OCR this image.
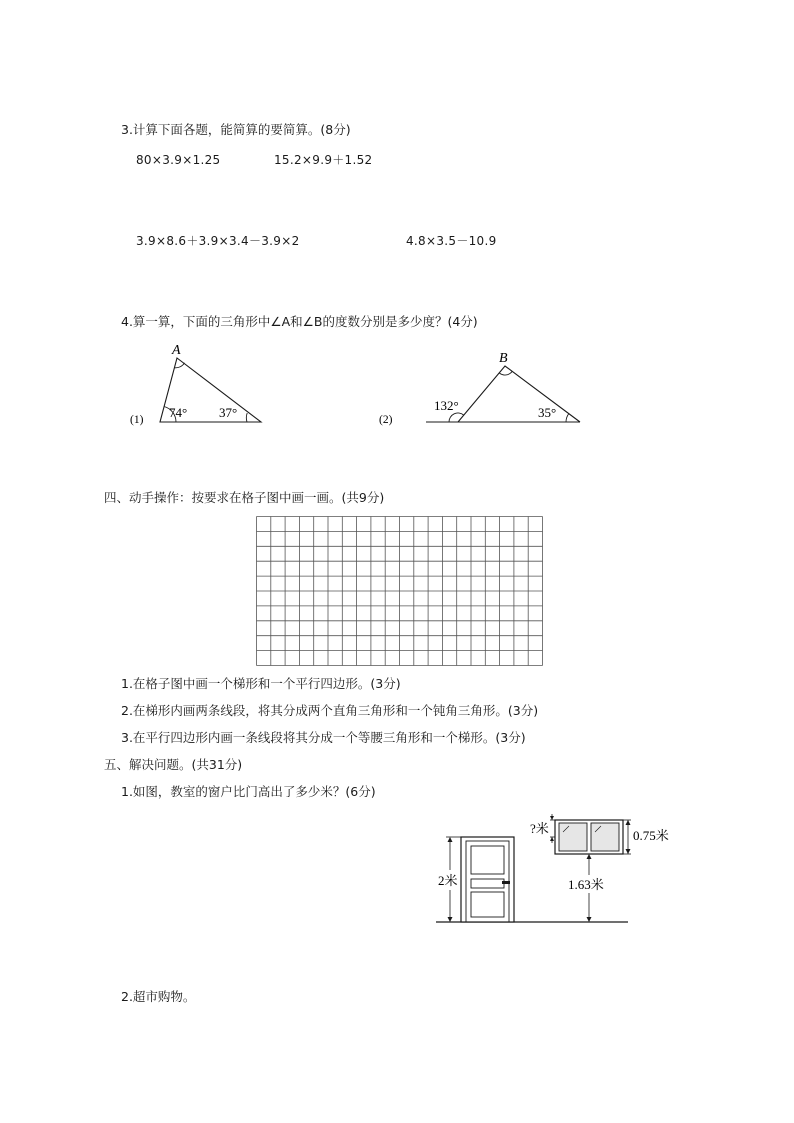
3.计算下面各题，能简算的要简算。(8分)
80×3.9×1.25	15.2×9.9＋1.52
3.9×8.6＋3.9×3.4－3.9×2	4.8×3.5－10.9
4.算一算，下面的三角形中∠A和∠B的度数分别是多少度？(4分)
(1)
A
74° 37°	(2)
B
132°	35°
四、动手操作：按要求在格子图中画一画。(共9分)
1.在格子图中画一个梯形和一个平行四边形。(3分)
2.在梯形内画两条线段，将其分成两个直角三角形和一个钝角三角形。(3分)
3.在平行四边形内画一条线段将其分成一个等腰三角形和一个梯形。(3分)
五、解决问题。(共31分)
1.如图，教室的窗户比门高出了多少米？(6分)
2米
0.75米
1.63米
?米
2.超市购物。
